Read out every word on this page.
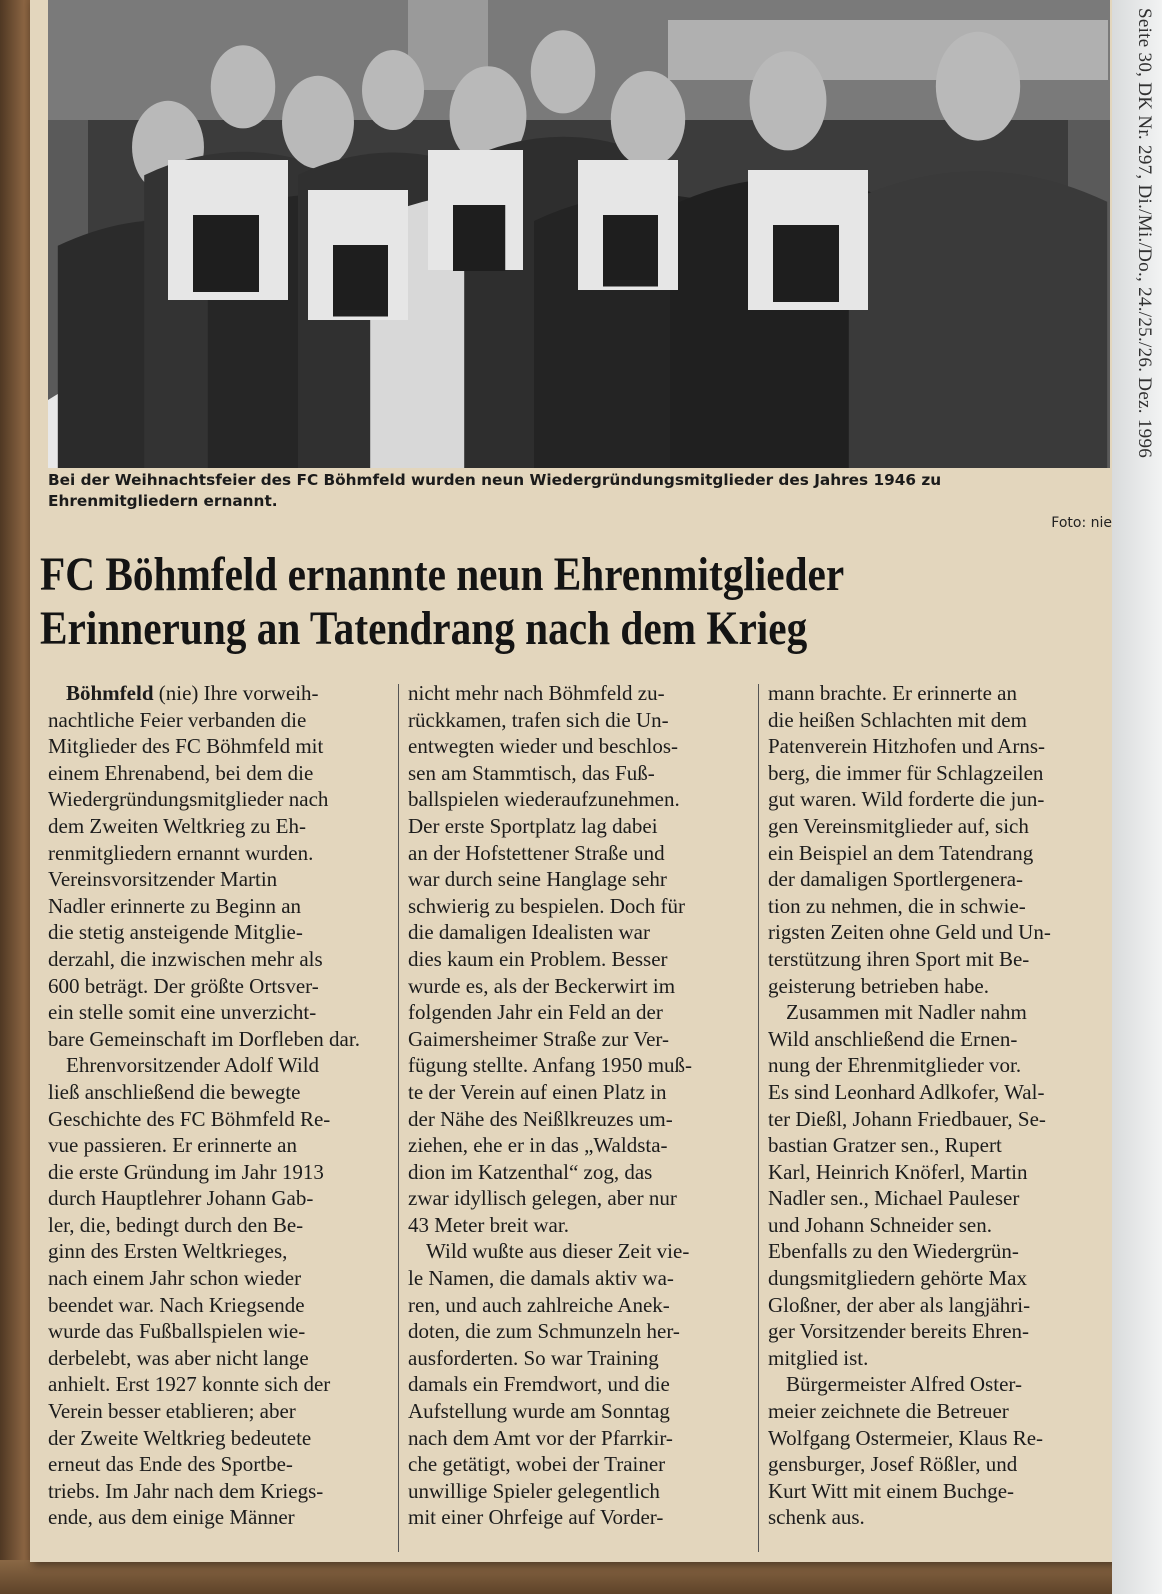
Bei der Weihnachtsfeier des FC Böhmfeld wurden neun Wiedergründungsmitglieder des Jahres 1946 zu
Ehrenmitgliedern ernannt.
Foto: nie
FC Böhmfeld ernannte neun Ehrenmitglieder
Erinnerung an Tatendrang nach dem Krieg

Böhmfeld (nie) Ihre vorweih-

nachtliche Feier verbanden die

Mitglieder des FC Böhmfeld mit

einem Ehrenabend, bei dem die

Wiedergründungsmitglieder nach

dem Zweiten Weltkrieg zu Eh-

renmitgliedern ernannt wurden.

Vereinsvorsitzender Martin

Nadler erinnerte zu Beginn an

die stetig ansteigende Mitglie-

derzahl, die inzwischen mehr als

600 beträgt. Der größte Ortsver-

ein stelle somit eine unverzicht-

bare Gemeinschaft im Dorfleben dar.

Ehrenvorsitzender Adolf Wild

ließ anschließend die bewegte

Geschichte des FC Böhmfeld Re-

vue passieren. Er erinnerte an

die erste Gründung im Jahr 1913

durch Hauptlehrer Johann Gab-

ler, die, bedingt durch den Be-

ginn des Ersten Weltkrieges,

nach einem Jahr schon wieder

beendet war. Nach Kriegsende

wurde das Fußballspielen wie-

derbelebt, was aber nicht lange

anhielt. Erst 1927 konnte sich der

Verein besser etablieren; aber

der Zweite Weltkrieg bedeutete

erneut das Ende des Sportbe-

triebs. Im Jahr nach dem Kriegs-

ende, aus dem einige Männer

nicht mehr nach Böhmfeld zu-

rückkamen, trafen sich die Un-

entwegten wieder und beschlos-

sen am Stammtisch, das Fuß-

ballspielen wiederaufzunehmen.

Der erste Sportplatz lag dabei

an der Hofstettener Straße und

war durch seine Hanglage sehr

schwierig zu bespielen. Doch für

die damaligen Idealisten war

dies kaum ein Problem. Besser

wurde es, als der Beckerwirt im

folgenden Jahr ein Feld an der

Gaimersheimer Straße zur Ver-

fügung stellte. Anfang 1950 muß‑

te der Verein auf einen Platz in

der Nähe des Neißlkreuzes um-

ziehen, ehe er in das „Waldsta-

dion im Katzenthal“ zog, das

zwar idyllisch gelegen, aber nur

43 Meter breit war.

Wild wußte aus dieser Zeit vie-

le Namen, die damals aktiv wa-

ren, und auch zahlreiche Anek-

doten, die zum Schmunzeln her-

ausforderten. So war Training

damals ein Fremdwort, und die

Aufstellung wurde am Sonntag

nach dem Amt vor der Pfarrkir-

che getätigt, wobei der Trainer

unwillige Spieler gelegentlich

mit einer Ohrfeige auf Vorder-

mann brachte. Er erinnerte an

die heißen Schlachten mit dem

Patenverein Hitzhofen und Arns-

berg, die immer für Schlagzeilen

gut waren. Wild forderte die jun-

gen Vereinsmitglieder auf, sich

ein Beispiel an dem Tatendrang

der damaligen Sportlergenera-

tion zu nehmen, die in schwie-

rigsten Zeiten ohne Geld und Un-

terstützung ihren Sport mit Be-

geisterung betrieben habe.

Zusammen mit Nadler nahm

Wild anschließend die Ernen-

nung der Ehrenmitglieder vor.

Es sind Leonhard Adlkofer, Wal-

ter Dießl, Johann Friedbauer, Se-

bastian Gratzer sen., Rupert

Karl, Heinrich Knöferl, Martin

Nadler sen., Michael Pauleser

und Johann Schneider sen.

Ebenfalls zu den Wiedergrün-

dungsmitgliedern gehörte Max

Gloßner, der aber als langjähri-

ger Vorsitzender bereits Ehren-

mitglied ist.

Bürgermeister Alfred Oster-

meier zeichnete die Betreuer

Wolfgang Ostermeier, Klaus Re-

gensburger, Josef Rößler, und

Kurt Witt mit einem Buchge-

schenk aus.

Seite 30, DK Nr. 297, Di./Mi./Do., 24./25./26. Dez. 1996
